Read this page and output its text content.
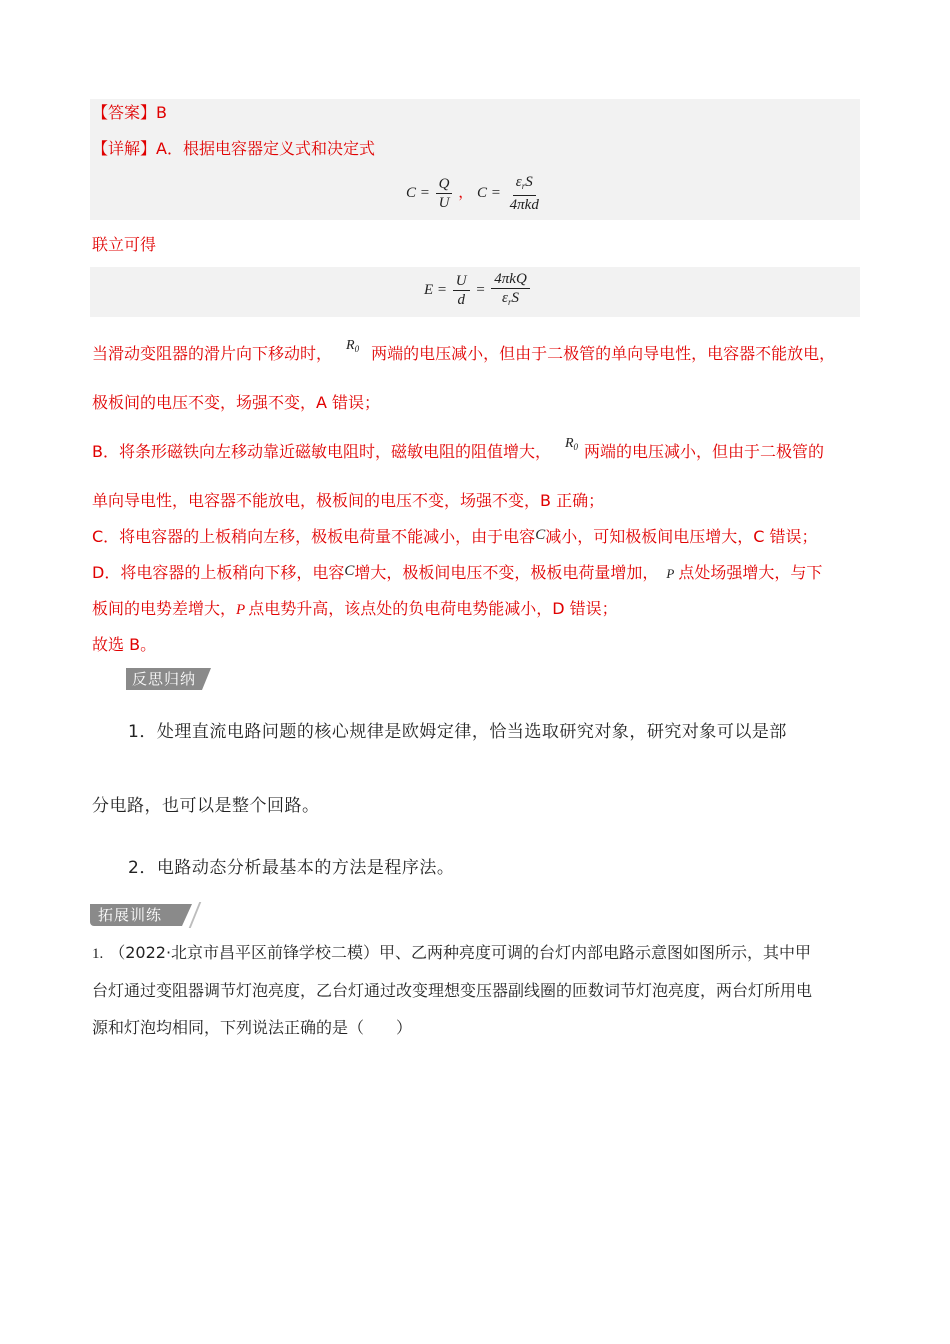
【答案】B
【详解】A．根据电容器定义式和决定式
$C = \frac{Q}{U}$ ， $C = \frac{\varepsilon_rS}{\text{4πkd}}$
联立可得
$E = \frac{U}{d} = \frac{\text{4πkQ}}{\varepsilon_rS}$
当滑动变阻器的滑片向下移动时， $R_0$ 两端的电压减小，但由于二极管的单向导电性，电容器不能放电，
极板间的电压不变，场强不变，A 错误；
B．将条形磁铁向左移动靠近磁敏电阻时，磁敏电阻的阻值增大， $R_0$ 两端的电压减小，但由于二极管的
单向导电性，电容器不能放电，极板间的电压不变，场强不变，B 正确；
C．将电容器的上板稍向左移，极板电荷量不能减小，由于电容C减小，可知极板间电压增大，C 错误；
D．将电容器的上板稍向下移，电容C增大，极板间电压不变，极板电荷量增加， P 点处场强增大，与下
板间的电势差增大，P 点电势升高，该点处的负电荷电势能减小，D 错误；
故选 B。
反思归纳
1．处理直流电路问题的核心规律是欧姆定律，恰当选取研究对象，研究对象可以是部
分电路，也可以是整个回路。
2．电路动态分析最基本的方法是程序法。
拓展训练
1. （2022·北京市昌平区前锋学校二模）甲、乙两种亮度可调的台灯内部电路示意图如图所示，其中甲
台灯通过变阻器调节灯泡亮度，乙台灯通过改变理想变压器副线圈的匝数词节灯泡亮度，两台灯所用电
源和灯泡均相同，下列说法正确的是（　　）
